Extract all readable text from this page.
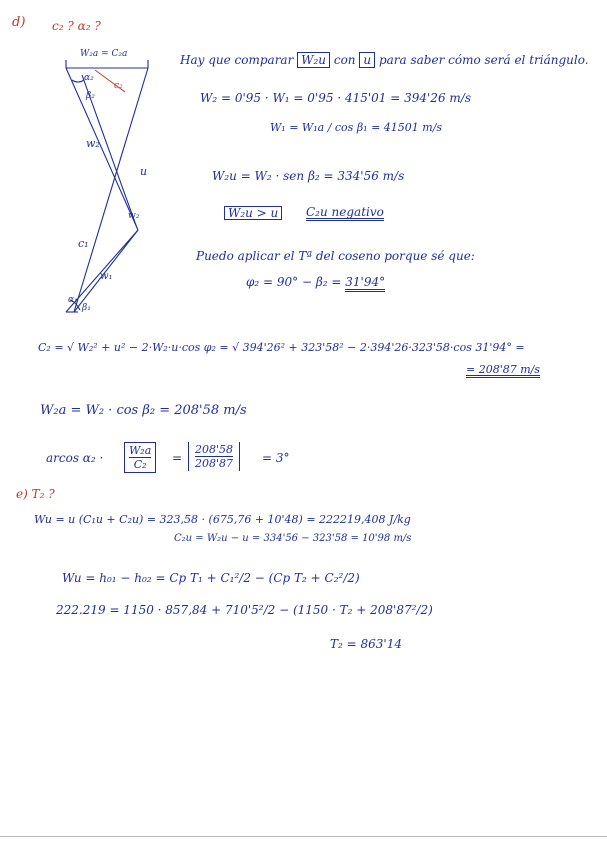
d) c₂ ? α₂ ?
W₂a = C₂a
α₂
β₂
c₂
w₂
u
w₂
c₁
w₁
α₁
β₁
Hay que comparar W₂u con u para saber cómo será el triángulo.
W₂ = 0'95 · W₁ = 0'95 · 415'01 = 394'26 m/s
W₁ = W₁a / cos β₁ = 41501 m/s
W₂u = W₂ · sen β₂ = 334'56 m/s
W₂u > u	C₂u negativo
Puedo aplicar el Tª del coseno porque sé que:
φ₂ = 90° − β₂ = 31'94°
C₂ = √ W₂² + u² − 2·W₂·u·cos φ₂ = √ 394'26² + 323'58² − 2·394'26·323'58·cos 31'94° =
= 208'87 m/s
W₂a = W₂ · cos β₂ = 208'58 m/s
arcos $\alpha_2 \cdot \frac{\text{W₂a}}{\text{C₂}} = \frac{208'58}{208'87} = 3^\circ$
e) T₂ ?
Wu = u (C₁u + C₂u) = 323,58 · (675,76 + 10'48) = 222219,408 J/kg
C₂u = W₂u − u = 334'56 − 323'58 = 10'98 m/s
Wu = h₀₁ − h₀₂ = Cp T₁ + C₁²/2 − (Cp T₂ + C₂²/2)
222.219 = 1150 · 857,84 + 710'5²/2 − (1150 · T₂ + 208'87²/2)
T₂ = 863'14
